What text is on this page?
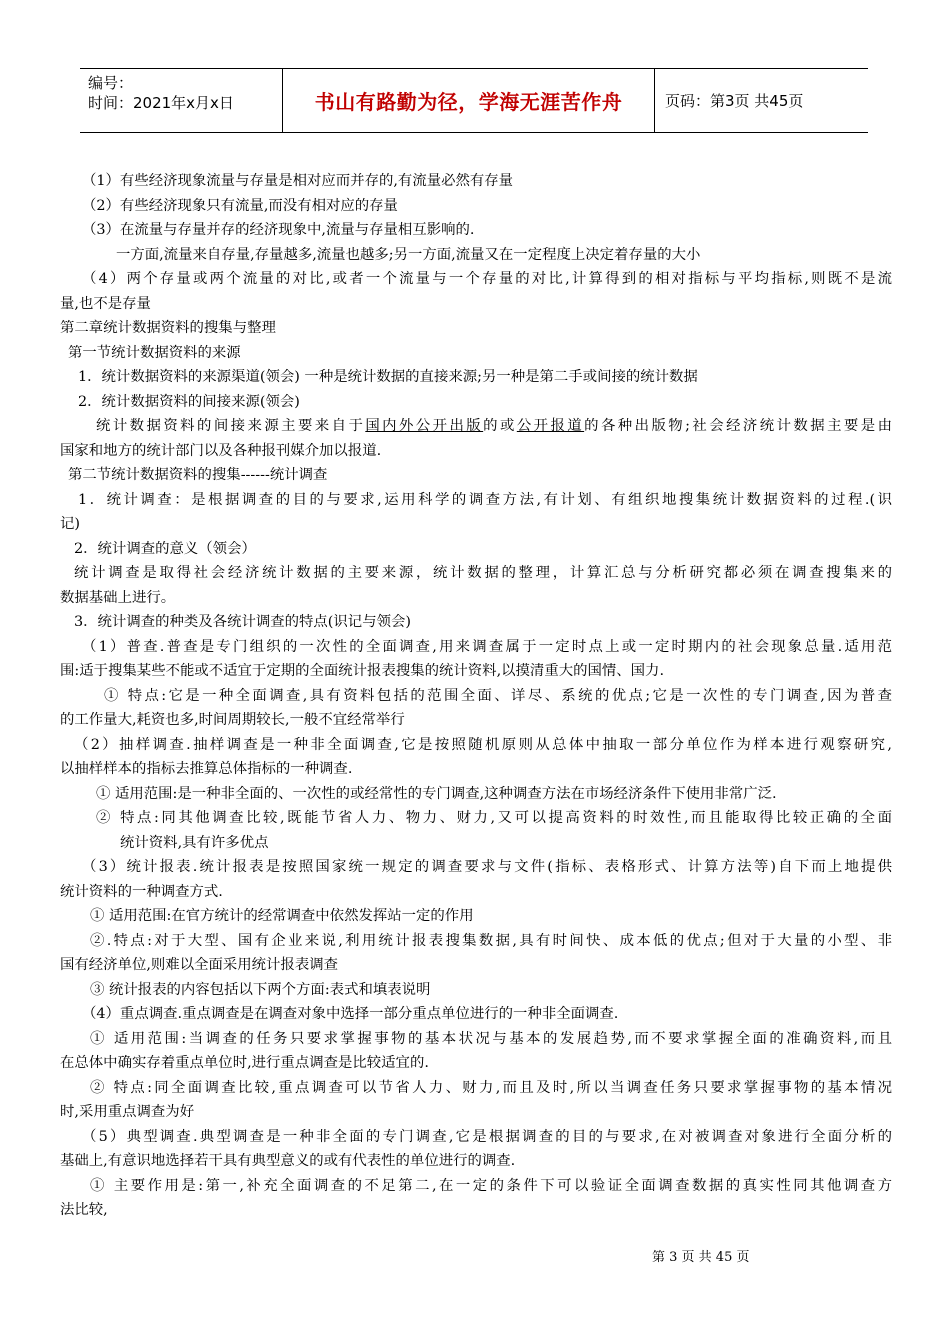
编号：
时间：2021年x月x日	书山有路勤为径，学海无涯苦作舟	页码：第3页 共45页
（1）有些经济现象流量与存量是相对应而并存的,有流量必然有存量
（2）有些经济现象只有流量,而没有相对应的存量
（3）在流量与存量并存的经济现象中,流量与存量相互影响的.
一方面,流量来自存量,存量越多,流量也越多;另一方面,流量又在一定程度上决定着存量的大小
（4）两个存量或两个流量的对比,或者一个流量与一个存量的对比,计算得到的相对指标与平均指标,则既不是流
量,也不是存量
第二章统计数据资料的搜集与整理
第一节统计数据资料的来源
1．统计数据资料的来源渠道(领会) 一种是统计数据的直接来源;另一种是第二手或间接的统计数据
2．统计数据资料的间接来源(领会)
统计数据资料的间接来源主要来自于国内外公开出版的或公开报道的各种出版物;社会经济统计数据主要是由
国家和地方的统计部门以及各种报刊媒介加以报道.
第二节统计数据资料的搜集------统计调查
1．统计调查：是根据调查的目的与要求,运用科学的调查方法,有计划、有组织地搜集统计数据资料的过程.(识
记)
2．统计调查的意义（领会）
统计调查是取得社会经济统计数据的主要来源，统计数据的整理，计算汇总与分析研究都必须在调查搜集来的
数据基础上进行。
3．统计调查的种类及各统计调查的特点(识记与领会)
（1）普查.普查是专门组织的一次性的全面调查,用来调查属于一定时点上或一定时期内的社会现象总量.适用范
围:适于搜集某些不能或不适宜于定期的全面统计报表搜集的统计资料,以摸清重大的国情、国力.
① 特点:它是一种全面调查,具有资料包括的范围全面、详尽、系统的优点;它是一次性的专门调查,因为普查
的工作量大,耗资也多,时间周期较长,一般不宜经常举行
（2）抽样调查.抽样调查是一种非全面调查,它是按照随机原则从总体中抽取一部分单位作为样本进行观察研究,
以抽样样本的指标去推算总体指标的一种调查.
① 适用范围:是一种非全面的、一次性的或经常性的专门调查,这种调查方法在市场经济条件下使用非常广泛.
② 特点:同其他调查比较,既能节省人力、物力、财力,又可以提高资料的时效性,而且能取得比较正确的全面
统计资料,具有许多优点
（3）统计报表.统计报表是按照国家统一规定的调查要求与文件(指标、表格形式、计算方法等)自下而上地提供
统计资料的一种调查方式.
① 适用范围:在官方统计的经常调查中依然发挥站一定的作用
②.特点:对于大型、国有企业来说,利用统计报表搜集数据,具有时间快、成本低的优点;但对于大量的小型、非
国有经济单位,则难以全面采用统计报表调查
③ 统计报表的内容包括以下两个方面:表式和填表说明
（4）重点调查.重点调查是在调查对象中选择一部分重点单位进行的一种非全面调查.
① 适用范围:当调查的任务只要求掌握事物的基本状况与基本的发展趋势,而不要求掌握全面的准确资料,而且
在总体中确实存着重点单位时,进行重点调查是比较适宜的.
② 特点:同全面调查比较,重点调查可以节省人力、财力,而且及时,所以当调查任务只要求掌握事物的基本情况
时,采用重点调查为好
（5）典型调查.典型调查是一种非全面的专门调查,它是根据调查的目的与要求,在对被调查对象进行全面分析的
基础上,有意识地选择若干具有典型意义的或有代表性的单位进行的调查.
① 主要作用是:第一,补充全面调查的不足第二,在一定的条件下可以验证全面调查数据的真实性同其他调查方
法比较,
第 3 页 共 45 页
